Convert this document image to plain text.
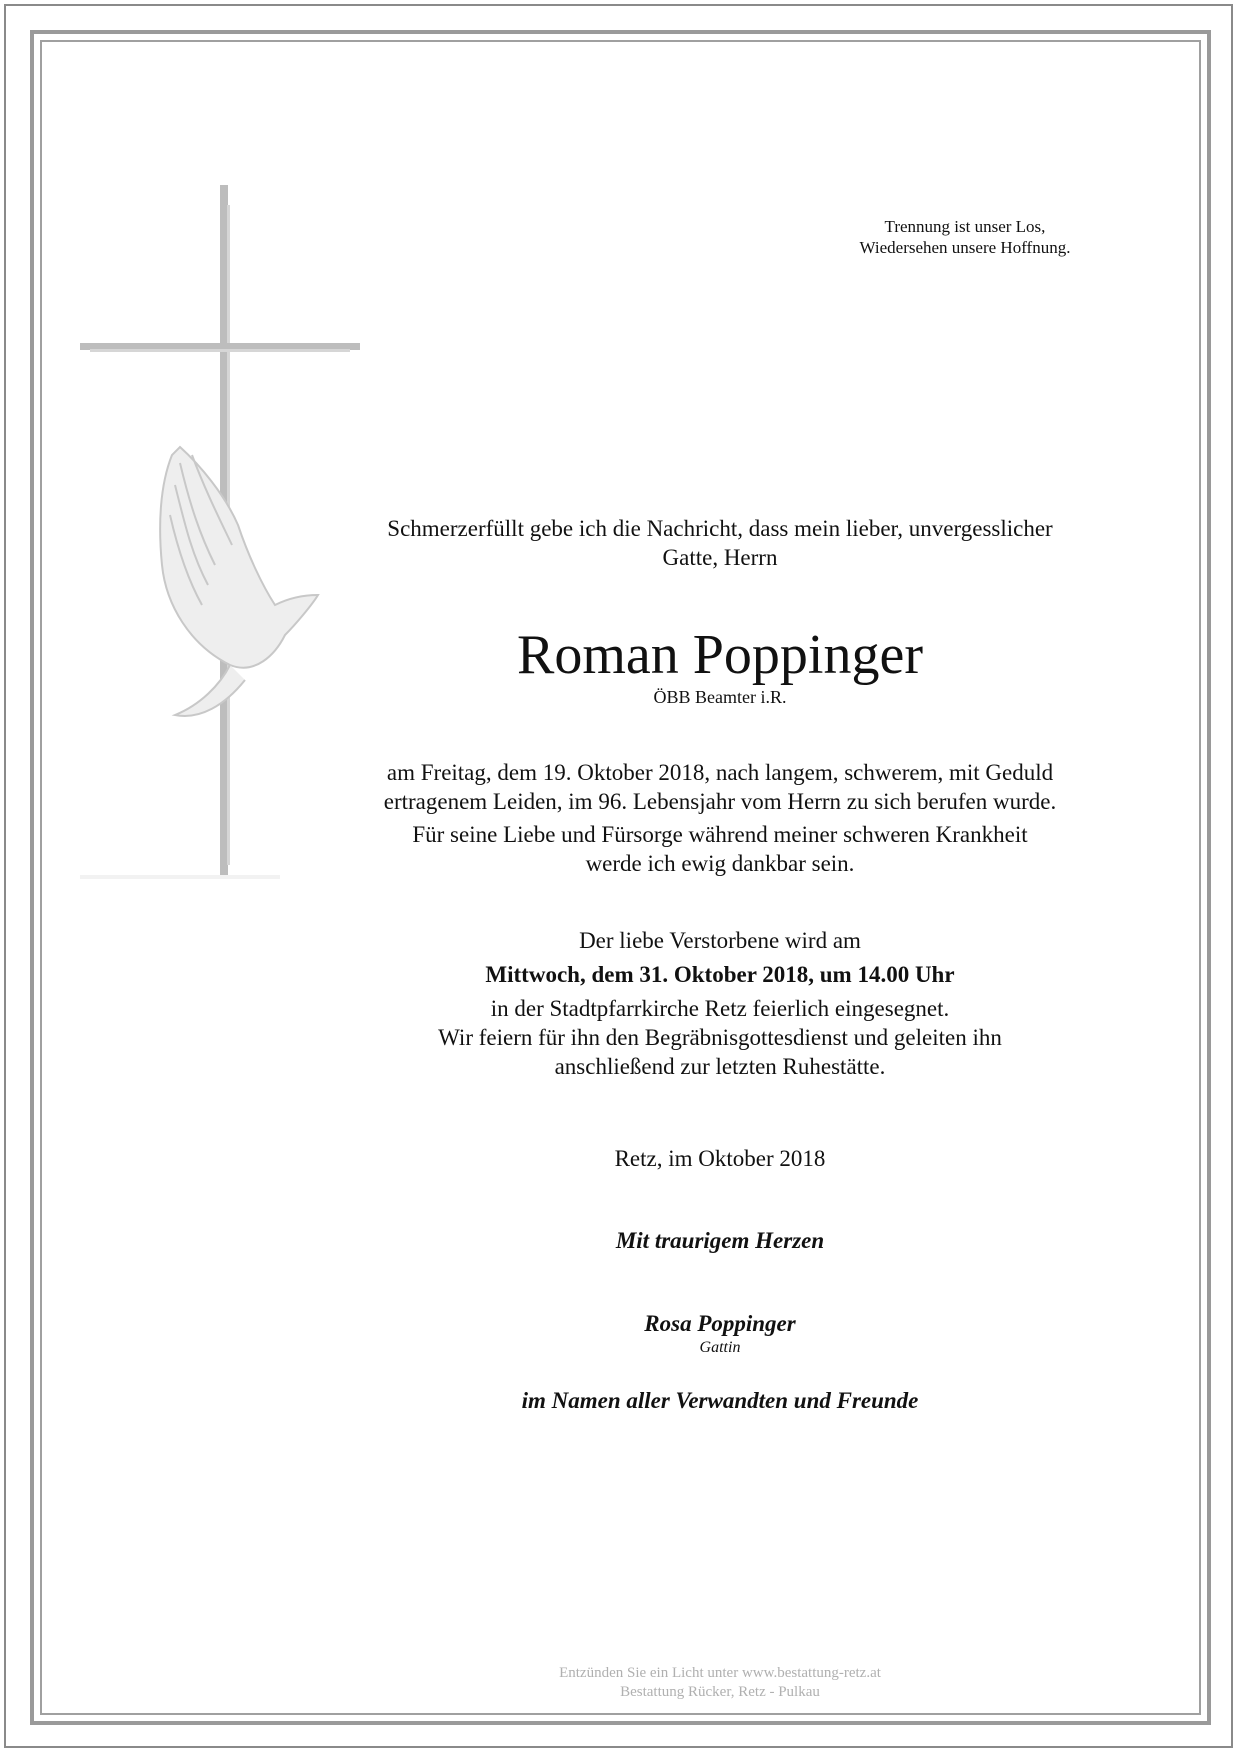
Trennung ist unser Los,
Wiedersehen unsere Hoffnung.
Schmerzerfüllt gebe ich die Nachricht, dass mein lieber, unvergesslicher
Gatte, Herrn
Roman Poppinger
ÖBB Beamter i.R.
am Freitag, dem 19. Oktober 2018, nach langem, schwerem, mit Geduld
ertragenem Leiden, im 96. Lebensjahr vom Herrn zu sich berufen wurde.
Für seine Liebe und Fürsorge während meiner schweren Krankheit
werde ich ewig dankbar sein.
Der liebe Verstorbene wird am
Mittwoch, dem 31. Oktober 2018, um 14.00 Uhr
in der Stadtpfarrkirche Retz feierlich eingesegnet.
Wir feiern für ihn den Begräbnisgottesdienst und geleiten ihn
anschließend zur letzten Ruhestätte.
Retz, im Oktober 2018
Mit traurigem Herzen
Rosa Poppinger
Gattin
im Namen aller Verwandten und Freunde
Entzünden Sie ein Licht unter www.bestattung-retz.at
Bestattung Rücker, Retz - Pulkau
